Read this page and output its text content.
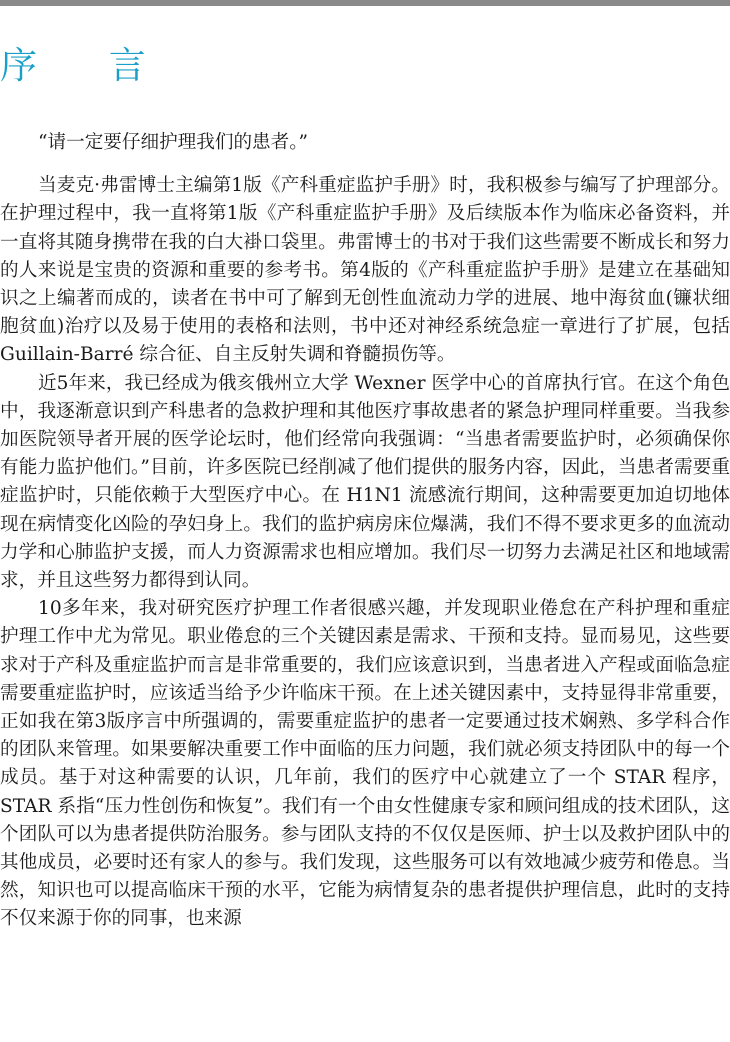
序 言

“请一定要仔细护理我们的患者。”

当麦克·弗雷博士主编第1版《产科重症监护手册》时，我积极参与编写了护理部分。在护理过程中，我一直将第1版《产科重症监护手册》及后续版本作为临床必备资料，并一直将其随身携带在我的白大褂口袋里。弗雷博士的书对于我们这些需要不断成长和努力的人来说是宝贵的资源和重要的参考书。第4版的《产科重症监护手册》是建立在基础知识之上编著而成的，读者在书中可了解到无创性血流动力学的进展、地中海贫血(镰状细胞贫血)治疗以及易于使用的表格和法则，书中还对神经系统急症一章进行了扩展，包括 Guillain-Barré 综合征、自主反射失调和脊髓损伤等。

近5年来，我已经成为俄亥俄州立大学 Wexner 医学中心的首席执行官。在这个角色中，我逐渐意识到产科患者的急救护理和其他医疗事故患者的紧急护理同样重要。当我参加医院领导者开展的医学论坛时，他们经常向我强调：“当患者需要监护时，必须确保你有能力监护他们。”目前，许多医院已经削减了他们提供的服务内容，因此，当患者需要重症监护时，只能依赖于大型医疗中心。在 H1N1 流感流行期间，这种需要更加迫切地体现在病情变化凶险的孕妇身上。我们的监护病房床位爆满，我们不得不要求更多的血流动力学和心肺监护支援，而人力资源需求也相应增加。我们尽一切努力去满足社区和地域需求，并且这些努力都得到认同。

10多年来，我对研究医疗护理工作者很感兴趣，并发现职业倦怠在产科护理和重症护理工作中尤为常见。职业倦怠的三个关键因素是需求、干预和支持。显而易见，这些要求对于产科及重症监护而言是非常重要的，我们应该意识到，当患者进入产程或面临急症需要重症监护时，应该适当给予少许临床干预。在上述关键因素中，支持显得非常重要，正如我在第3版序言中所强调的，需要重症监护的患者一定要通过技术娴熟、多学科合作的团队来管理。如果要解决重要工作中面临的压力问题，我们就必须支持团队中的每一个成员。基于对这种需要的认识，几年前，我们的医疗中心就建立了一个 STAR 程序，STAR 系指“压力性创伤和恢复”。我们有一个由女性健康专家和顾问组成的技术团队，这个团队可以为患者提供防治服务。参与团队支持的不仅仅是医师、护士以及救护团队中的其他成员，必要时还有家人的参与。我们发现，这些服务可以有效地减少疲劳和倦息。当然，知识也可以提高临床干预的水平，它能为病情复杂的患者提供护理信息，此时的支持不仅来源于你的同事，也来源
